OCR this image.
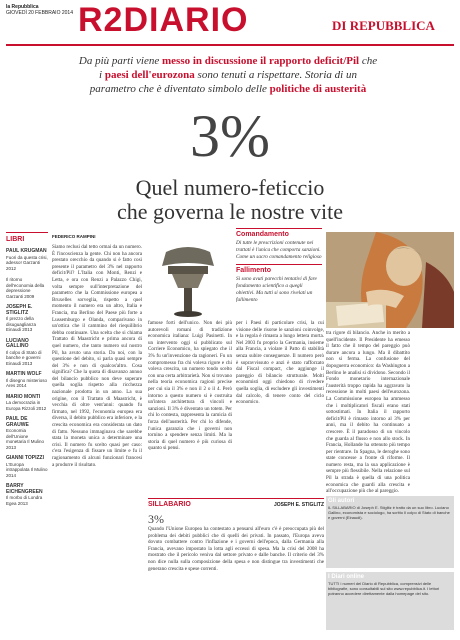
la Repubblica
GIOVEDÌ 20 FEBBRAIO 2014 R2DIARIO	DI REPUBBLICA
Da più parti viene messo in discussione il rapporto deficit/Pil che i paesi dell'eurozona sono tenuti a rispettare. Storia di un parametro che è diventato simbolo delle politiche di austerità
3%
Quel numero-feticcio
che governa le nostre vite
LIBRI
PAUL KRUGMAN
Fuori da questa crisi, adesso! Garzanti 2012
Il ritorno dell'economia della depressione Garzanti 2009
JOSEPH E. STIGLITZ
Il prezzo della disuguaglianza Einaudi 2013
LUCIANO GALLINO
Il colpo di Stato di banche e governi Einaudi 2013
MARTIN WOLF
Il disegno misterioso Ares 2014
MARIO MONTI
La democrazia in Europa Rizzoli 2012
PAUL DE GRAUWE
Economia dell'Unione monetaria Il Mulino 2013
GIANNI TOPIZZI
L'Europa intrappolata Il Mulino 2014
BARRY EICHENGREEN
Il morbo di Londra Egea 2013
FEDERICO RAMPINI
Siamo reclusi dal tetto ormai da un numero. È l'incoscienza la gente. Chi non ha ancora prestato orecchio da quando si è fatto così presente il parametro del 3% nel rapporto deficit/Pil? L'Italia con Monti, Renzi e Letta, e ora con Renzi a Palazzo Chigi, volta sempre sull'interpretazione del parametro che la Commissione europea a Bruxelles sorveglia, rispetto a quel momento il numero era un altro, Italia e Francia, ma Berlino del Paese più forte a Lussemburgo e Olanda, comparivano in un'ottica che il cammino del riequilibrio debba continuare. Una scelta che si chiama Trattato di Maastricht e prima ancora di quel numero, che tanto numero sul nostro Pil, ha avuto una storia. Da noi, con la questione del debito, si parla quasi sempre del 3% e non di qualcos'altro. Cosa significa? Che la quota di disavanzo annuo del bilancio pubblico non deve superare quella soglia rispetto alla ricchezza nazionale prodotta in un anno. La sua origine, con il Trattato di Maastricht, è vecchia di oltre vent'anni: quando fu firmato, nel 1992, l'economia europea era diversa, il debito pubblico era inferiore, e la crescita economica era considerata un dato di fatto. Nessuno immaginava che sarebbe stata la moneta unica a determinare una crisi. Il numero fu scelto quasi per caso: c'era l'esigenza di fissare un limite e fu il ragionamento di alcuni funzionari francesi a produrre il risultato.
famose forti dell'unico. Non dei più autorevoli romani di tradizione economica italiana: Luigi Pasinetti. In un intervento oggi si pubblicato sul Corriere Economico, ha spiegato che il 3% fu un'invenzione da ragioneri. Fu un compromesso fra chi voleva rigore e chi voleva crescita, un numero tondo scelto con una certa arbitrarietà. Non si trovano nella teoria economica ragioni precise per cui sia il 3% e non il 2 o il 4. Però intorno a questo numero si è costruita un'intera architettura di vincoli e sanzioni. Il 3% è diventato un totem. Per chi lo contesta, rappresenta la camicia di forza dell'austerità. Per chi lo difende, l'unica garanzia che i governi non tornino a spendere senza limiti. Ma la storia di quel numero è più curiosa di quanto si pensi.
Comandamento
Di tutte le prescrizioni contenute nei trattati è l'unica che comporta sanzioni. Come un sacro comandamento religioso
Fallimento
Si sono avuti parecchi tentativi di fare fondamento scientifico a quegli obiettivi. Ma tutti si sono rivelati un fallimento
per i Paesi di particolare crisi, la cui visione delle risorse le sanzioni coinvolge, e la regola è rimasta a lungo lettera morta. Nel 2003 fu proprio la Germania, insieme alla Francia, a violare il Patto di stabilità senza subire conseguenze. Il numero però è sopravvissuto e anzi è stato rafforzato dal Fiscal compact, che aggiunge il pareggio di bilancio strutturale. Molti economisti oggi chiedono di rivedere quella soglia, di escludere gli investimenti dal calcolo, di tenere conto del ciclo economico.
tra rigore di bilancio. Anche in merito a quell'incidente. Il Presidente ha emesso il fatto che il tempo del pareggio può durare ancora a lungo. Ma il dibattito non si ferma. La confusione del dopoguerra economico: da Washington a Berlino le analisi si dividono. Secondo il Fondo monetario internazionale l'austerità troppo rapida ha aggravato la recessione in molti paesi dell'eurozona. La Commissione europea ha ammesso che i moltiplicatori fiscali erano stati sottostimati. In Italia il rapporto deficit/Pil è rimasto intorno al 3% per anni, ma il debito ha continuato a crescere. È il paradosso di un vincolo che guarda al flusso e non allo stock. In Francia, Hollande ha ottenuto più tempo per rientrare. In Spagna, le deroghe sono state concesse a fronte di riforme. Il numero resta, ma la sua applicazione è sempre più flessibile. Nella relazione sul Pil la strada è quella di una politica economica che guardi alla crescita e all'occupazione più che al pareggio.
SILLABARIO	JOSEPH E. STIGLITZ
3%
Quando l'Unione Europea ha contestato a pensarsi all'euro c'è è preoccupata più del problema dei debiti pubblici che di quelli dei privati. In passato, l'Europa aveva dovuto combattere contro l'inflazione e i governi dell'epoca, dalla Germania alla Francia, avevano impostato la lotta agli eccessi di spesa. Ma la crisi del 2008 ha mostrato che il pericolo veniva dal settore privato e dalle banche. Il criterio del 3% non dice nulla sulla composizione della spesa e non distingue tra investimenti che generano crescita e spese correnti.
Gli autori
IL SILLABARIO di Joseph E. Stiglitz è tratto da un suo libro. Luciano Gallino, economista e sociologo, ha scritto Il colpo di Stato di banche e governi (Einaudi).
I Diari online
TUTTI i numeri del Diario di Repubblica, comprensivi delle bibliografie, sono consultabili sul sito www.repubblica.it. I lettori potranno accedere direttamente dalla homepage del sito.
